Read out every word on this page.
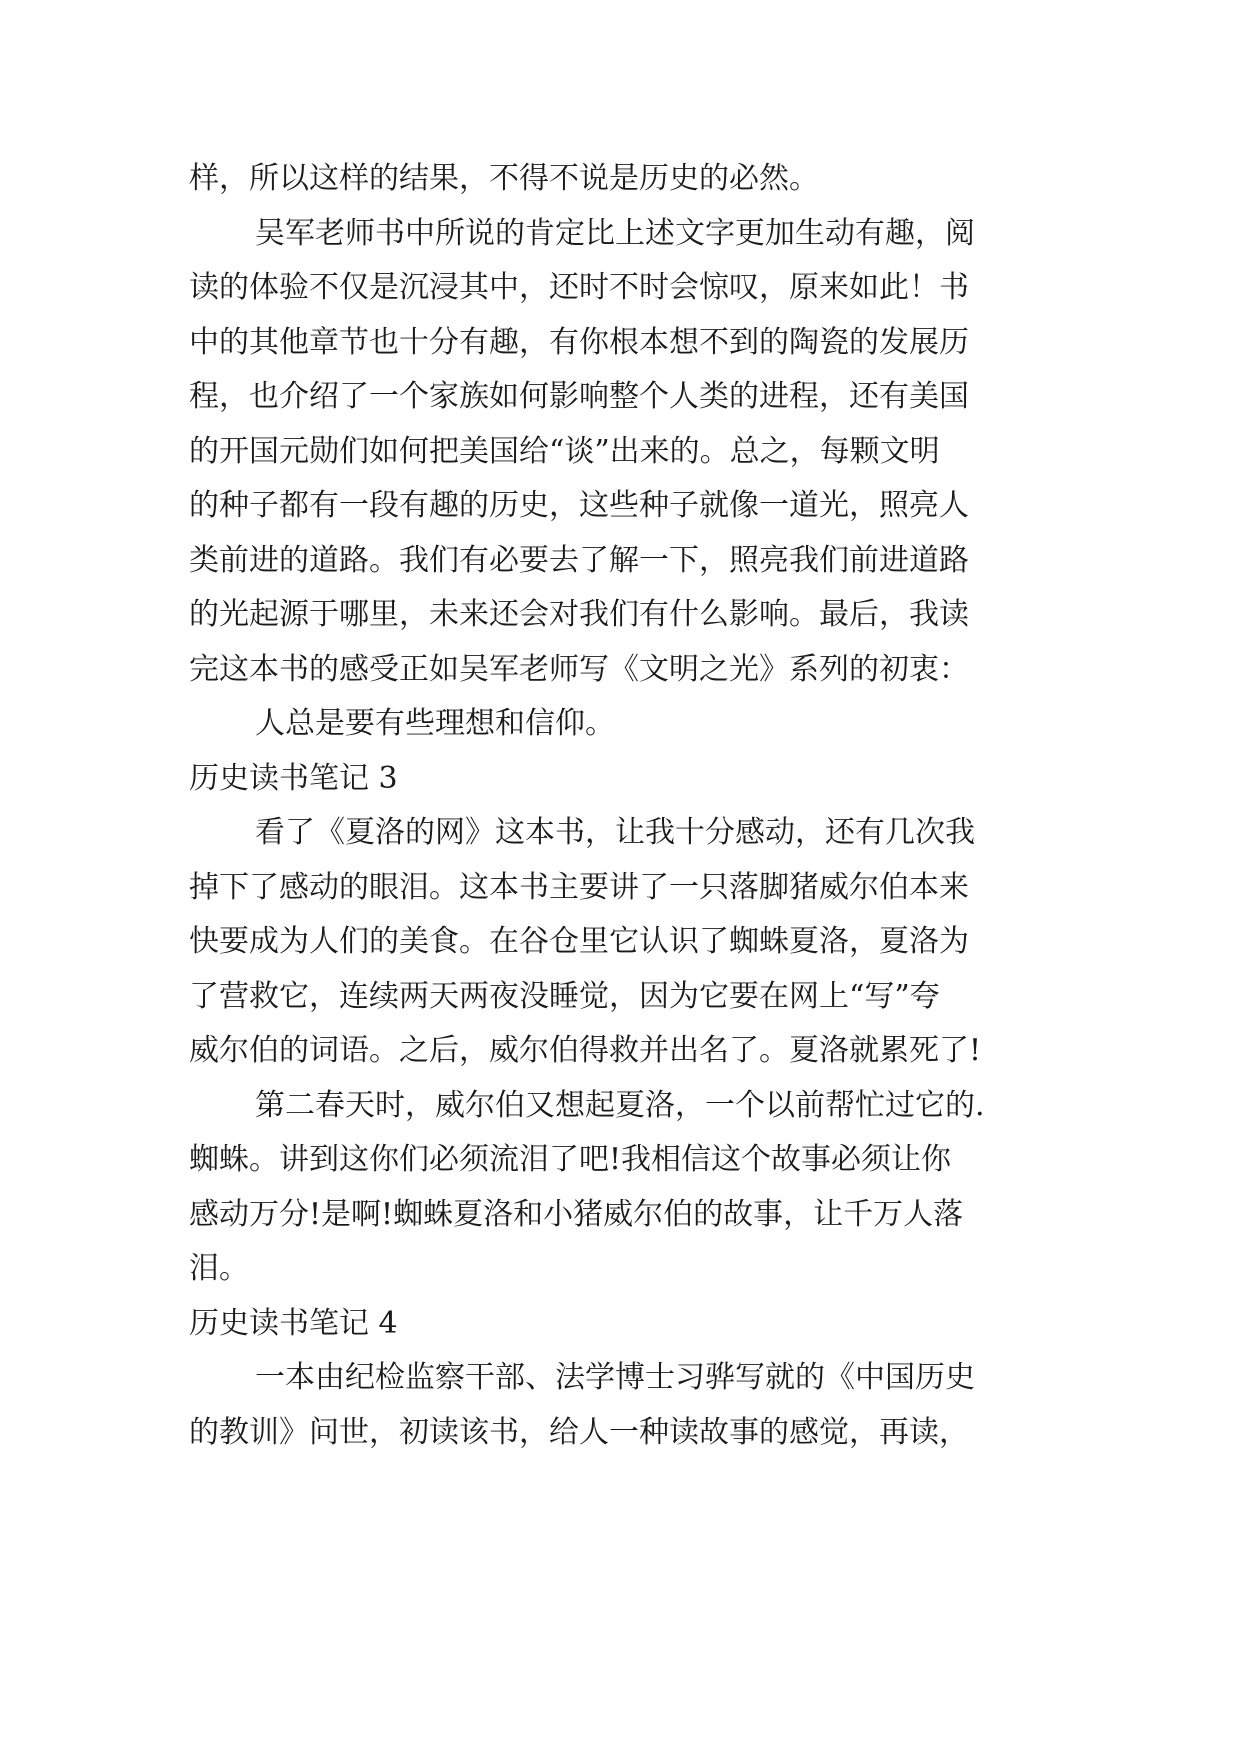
样，所以这样的结果，不得不说是历史的必然。
吴军老师书中所说的肯定比上述文字更加生动有趣，阅
读的体验不仅是沉浸其中，还时不时会惊叹，原来如此！书
中的其他章节也十分有趣，有你根本想不到的陶瓷的发展历
程，也介绍了一个家族如何影响整个人类的进程，还有美国
的开国元勋们如何把美国给“谈”出来的。总之，每颗文明
的种子都有一段有趣的历史，这些种子就像一道光，照亮人
类前进的道路。我们有必要去了解一下，照亮我们前进道路
的光起源于哪里，未来还会对我们有什么影响。最后，我读
完这本书的感受正如吴军老师写《文明之光》系列的初衷：
人总是要有些理想和信仰。
历史读书笔记 3
看了《夏洛的网》这本书，让我十分感动，还有几次我
掉下了感动的眼泪。这本书主要讲了一只落脚猪威尔伯本来
快要成为人们的美食。在谷仓里它认识了蜘蛛夏洛，夏洛为
了营救它，连续两天两夜没睡觉，因为它要在网上“写”夸
威尔伯的词语。之后，威尔伯得救并出名了。夏洛就累死了!
第二春天时，威尔伯又想起夏洛，一个以前帮忙过它的.
蜘蛛。讲到这你们必须流泪了吧!我相信这个故事必须让你
感动万分!是啊!蜘蛛夏洛和小猪威尔伯的故事，让千万人落
泪。
历史读书笔记 4
一本由纪检监察干部、法学博士习骅写就的《中国历史
的教训》问世，初读该书，给人一种读故事的感觉，再读，
